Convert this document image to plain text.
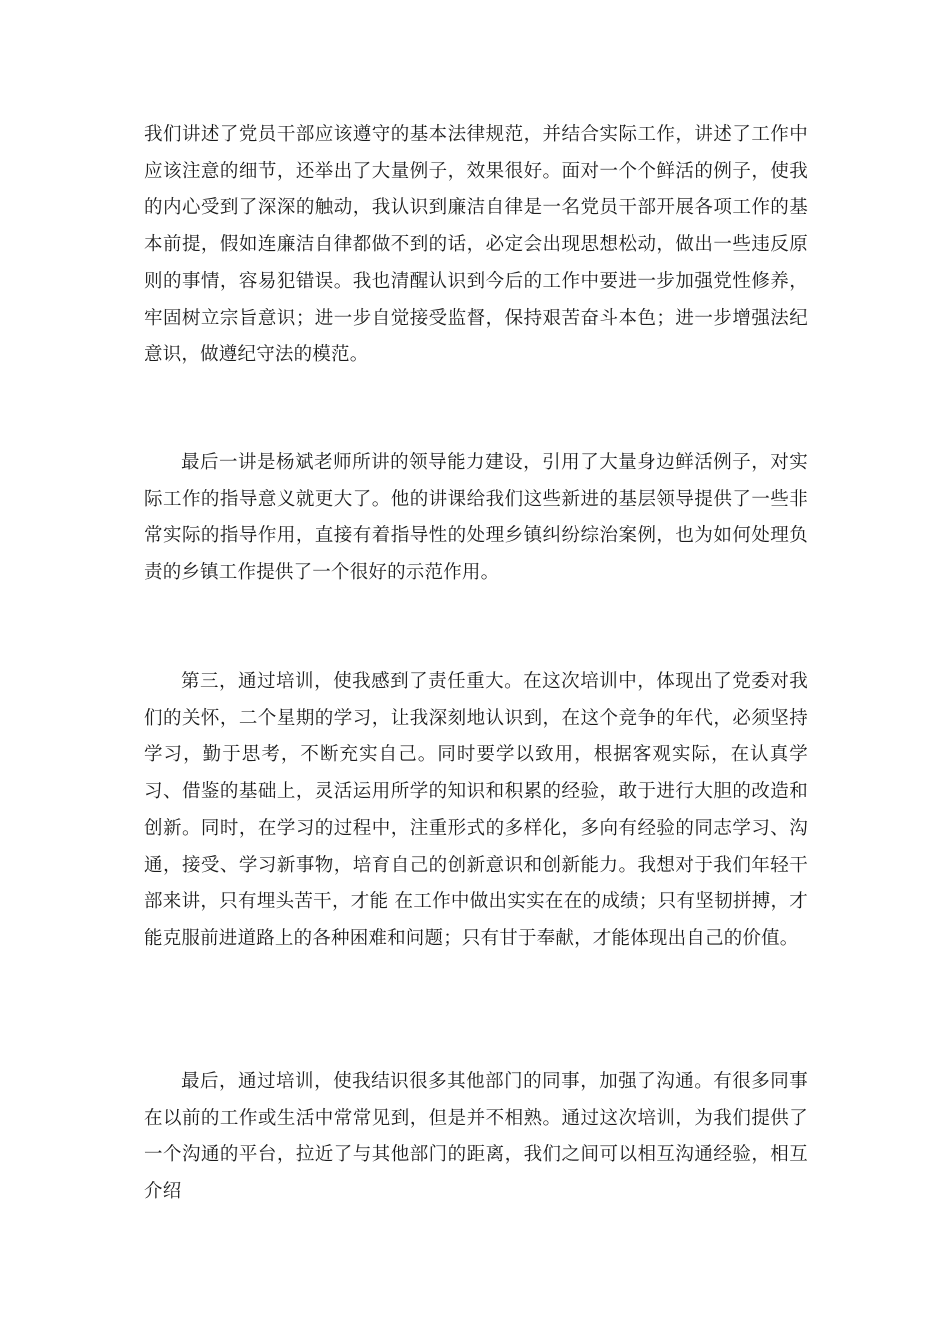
我们讲述了党员干部应该遵守的基本法律规范，并结合实际工作，讲述了工作中应该注意的细节，还举出了大量例子，效果很好。面对一个个鲜活的例子，使我的内心受到了深深的触动，我认识到廉洁自律是一名党员干部开展各项工作的基本前提，假如连廉洁自律都做不到的话，必定会出现思想松动，做出一些违反原则的事情，容易犯错误。我也清醒认识到今后的工作中要进一步加强党性修养，牢固树立宗旨意识；进一步自觉接受监督，保持艰苦奋斗本色；进一步增强法纪意识，做遵纪守法的模范。

最后一讲是杨斌老师所讲的领导能力建设，引用了大量身边鲜活例子，对实际工作的指导意义就更大了。他的讲课给我们这些新进的基层领导提供了一些非常实际的指导作用，直接有着指导性的处理乡镇纠纷综治案例，也为如何处理负责的乡镇工作提供了一个很好的示范作用。

第三，通过培训，使我感到了责任重大。在这次培训中，体现出了党委对我们的关怀，二个星期的学习，让我深刻地认识到，在这个竞争的年代，必须坚持学习，勤于思考，不断充实自己。同时要学以致用，根据客观实际，在认真学习、借鉴的基础上，灵活运用所学的知识和积累的经验，敢于进行大胆的改造和创新。同时，在学习的过程中，注重形式的多样化，多向有经验的同志学习、沟通，接受、学习新事物，培育自己的创新意识和创新能力。我想对于我们年轻干部来讲，只有埋头苦干，才能 在工作中做出实实在在的成绩；只有坚韧拼搏，才能克服前进道路上的各种困难和问题；只有甘于奉献，才能体现出自己的价值。

最后，通过培训，使我结识很多其他部门的同事，加强了沟通。有很多同事在以前的工作或生活中常常见到，但是并不相熟。通过这次培训，为我们提供了一个沟通的平台，拉近了与其他部门的距离，我们之间可以相互沟通经验，相互介绍
